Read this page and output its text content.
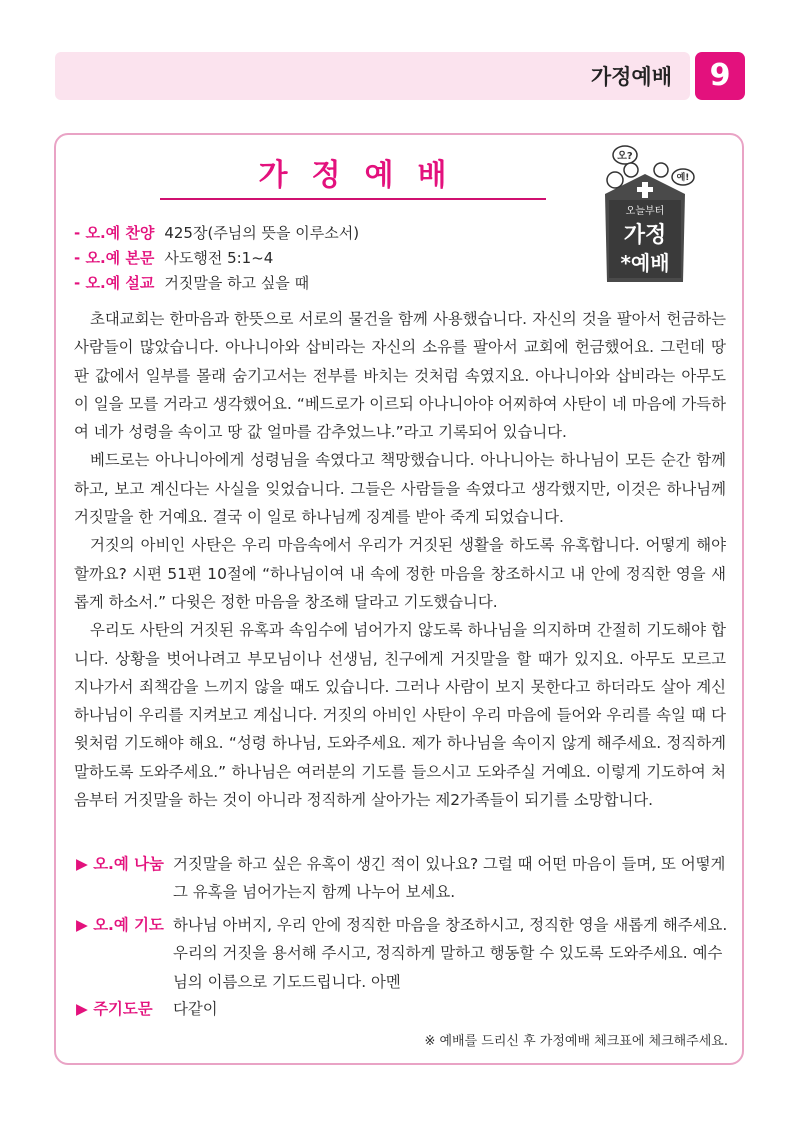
가정예배	9
가정예배
오?
예!
오늘부터
가정
*예배
- 오.예 찬양 425장(주님의 뜻을 이루소서)
- 오.예 본문 사도행전 5:1~4
- 오.예 설교 거짓말을 하고 싶을 때

초대교회는 한마음과 한뜻으로 서로의 물건을 함께 사용했습니다. 자신의 것을 팔아서 헌금하는 사람들이 많았습니다. 아나니아와 삽비라는 자신의 소유를 팔아서 교회에 헌금했어요. 그런데 땅 판 값에서 일부를 몰래 숨기고서는 전부를 바치는 것처럼 속였지요. 아나니아와 삽비라는 아무도 이 일을 모를 거라고 생각했어요. “베드로가 이르되 아나니아야 어찌하여 사탄이 네 마음에 가득하여 네가 성령을 속이고 땅 값 얼마를 감추었느냐.”라고 기록되어 있습니다.

베드로는 아나니아에게 성령님을 속였다고 책망했습니다. 아나니아는 하나님이 모든 순간 함께하고, 보고 계신다는 사실을 잊었습니다. 그들은 사람들을 속였다고 생각했지만, 이것은 하나님께 거짓말을 한 거예요. 결국 이 일로 하나님께 징계를 받아 죽게 되었습니다.

거짓의 아비인 사탄은 우리 마음속에서 우리가 거짓된 생활을 하도록 유혹합니다. 어떻게 해야 할까요? 시편 51편 10절에 “하나님이여 내 속에 정한 마음을 창조하시고 내 안에 정직한 영을 새롭게 하소서.” 다윗은 정한 마음을 창조해 달라고 기도했습니다.

우리도 사탄의 거짓된 유혹과 속임수에 넘어가지 않도록 하나님을 의지하며 간절히 기도해야 합니다. 상황을 벗어나려고 부모님이나 선생님, 친구에게 거짓말을 할 때가 있지요. 아무도 모르고 지나가서 죄책감을 느끼지 않을 때도 있습니다. 그러나 사람이 보지 못한다고 하더라도 살아 계신 하나님이 우리를 지켜보고 계십니다. 거짓의 아비인 사탄이 우리 마음에 들어와 우리를 속일 때 다윗처럼 기도해야 해요. “성령 하나님, 도와주세요. 제가 하나님을 속이지 않게 해주세요. 정직하게 말하도록 도와주세요.” 하나님은 여러분의 기도를 들으시고 도와주실 거예요. 이렇게 기도하여 처음부터 거짓말을 하는 것이 아니라 정직하게 살아가는 제2가족들이 되기를 소망합니다.

▶ 오.예 나눔 거짓말을 하고 싶은 유혹이 생긴 적이 있나요? 그럴 때 어떤 마음이 들며, 또 어떻게 그 유혹을 넘어가는지 함께 나누어 보세요.
▶ 오.예 기도 하나님 아버지, 우리 안에 정직한 마음을 창조하시고, 정직한 영을 새롭게 해주세요. 우리의 거짓을 용서해 주시고, 정직하게 말하고 행동할 수 있도록 도와주세요. 예수님의 이름으로 기도드립니다. 아멘
▶ 주기도문 다같이
※ 예배를 드리신 후 가정예배 체크표에 체크해주세요.
